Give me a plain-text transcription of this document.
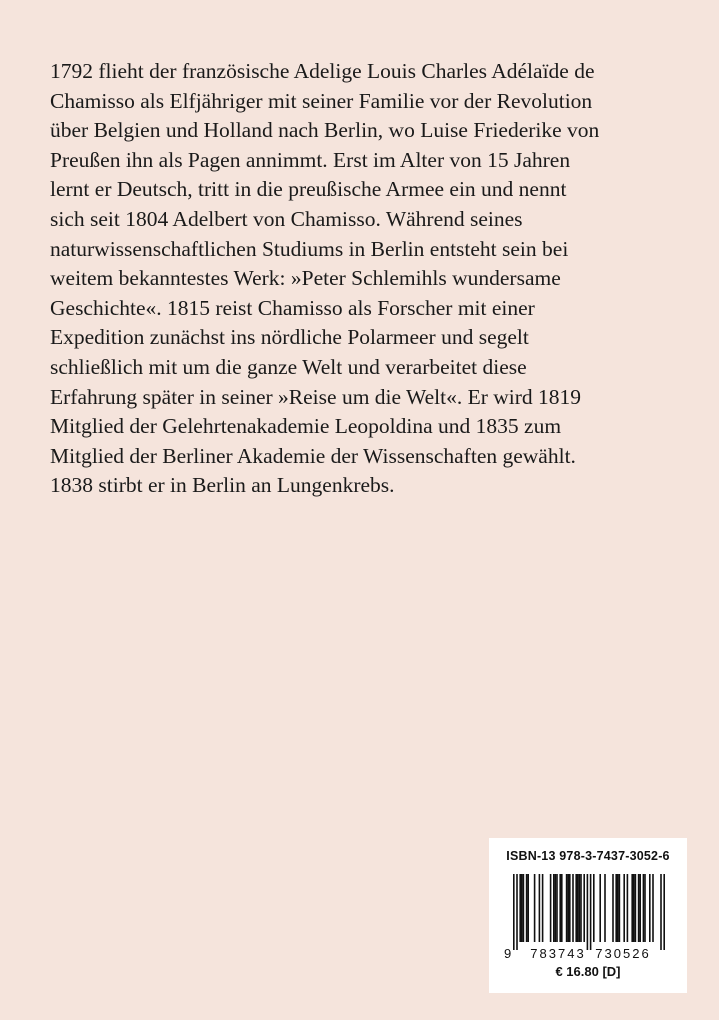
1792 flieht der französische Adelige Louis Charles Adélaïde de
Chamisso als Elfjähriger mit seiner Familie vor der Revolution
über Belgien und Holland nach Berlin, wo Luise Friederike von
Preußen ihn als Pagen annimmt. Erst im Alter von 15 Jahren
lernt er Deutsch, tritt in die preußische Armee ein und nennt
sich seit 1804 Adelbert von Chamisso. Während seines
naturwissenschaftlichen Studiums in Berlin entsteht sein bei
weitem bekanntestes Werk: »Peter Schlemihls wundersame
Geschichte«. 1815 reist Chamisso als Forscher mit einer
Expedition zunächst ins nördliche Polarmeer und segelt
schließlich mit um die ganze Welt und verarbeitet diese
Erfahrung später in seiner »Reise um die Welt«. Er wird 1819
Mitglied der Gelehrtenakademie Leopoldina und 1835 zum
Mitglied der Berliner Akademie der Wissenschaften gewählt.
1838 stirbt er in Berlin an Lungenkrebs.
ISBN-13 978-3-7437-3052-6
9 783743 730526
€ 16.80 [D]
